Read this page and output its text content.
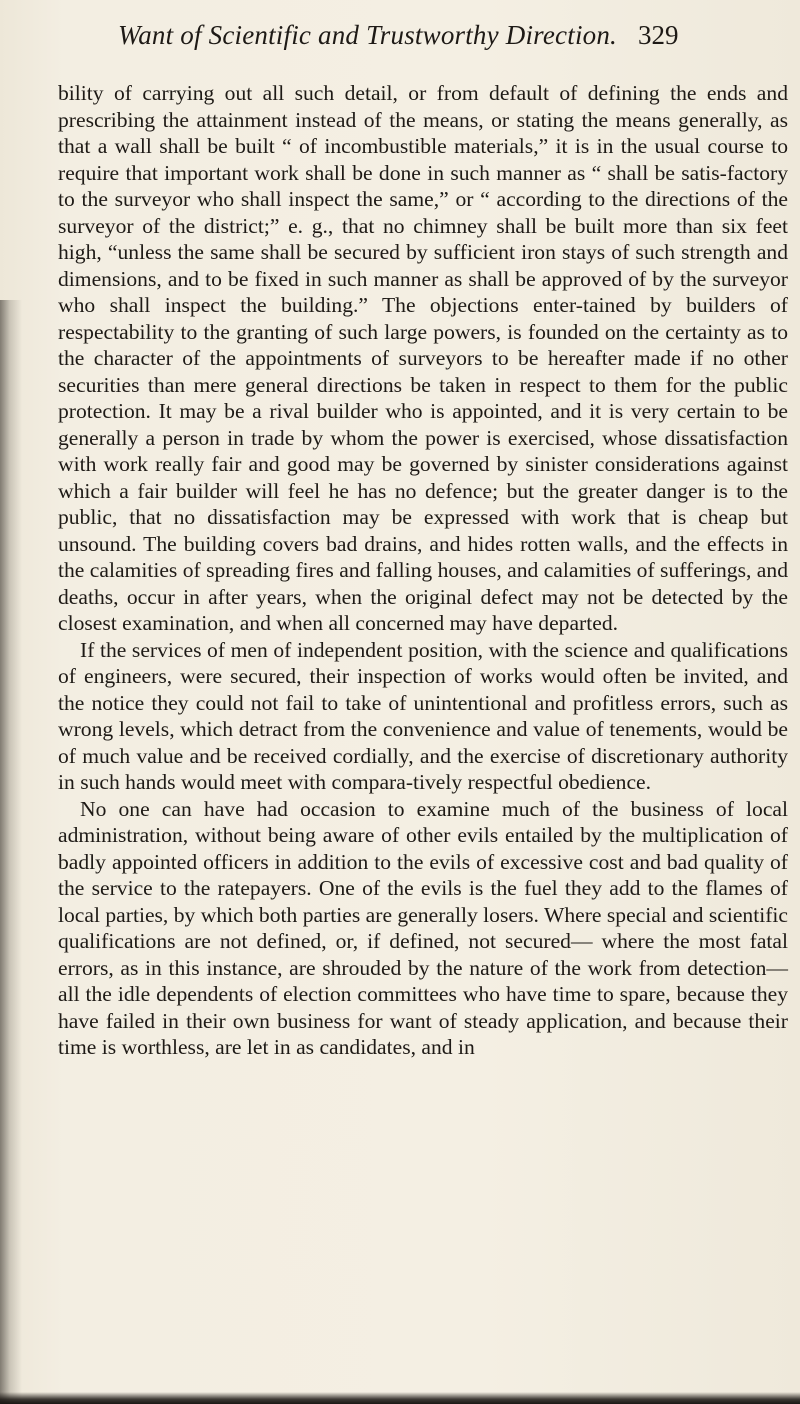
Want of Scientific and Trustworthy Direction. 329

bility of carrying out all such detail, or from default of defining the ends and prescribing the attainment instead of the means, or stating the means generally, as that a wall shall be built “ of incombustible materials,” it is in the usual course to require that important work shall be done in such manner as “ shall be satis-factory to the surveyor who shall inspect the same,” or “ according to the directions of the surveyor of the district;” e. g., that no chimney shall be built more than six feet high, “unless the same shall be secured by sufficient iron stays of such strength and dimensions, and to be fixed in such manner as shall be approved of by the surveyor who shall inspect the building.” The objections enter-tained by builders of respectability to the granting of such large powers, is founded on the certainty as to the character of the appointments of surveyors to be hereafter made if no other securities than mere general directions be taken in respect to them for the public protection. It may be a rival builder who is appointed, and it is very certain to be generally a person in trade by whom the power is exercised, whose dissatisfaction with work really fair and good may be governed by sinister considerations against which a fair builder will feel he has no defence; but the greater danger is to the public, that no dissatisfaction may be expressed with work that is cheap but unsound. The building covers bad drains, and hides rotten walls, and the effects in the calamities of spreading fires and falling houses, and calamities of sufferings, and deaths, occur in after years, when the original defect may not be detected by the closest examination, and when all concerned may have departed.

If the services of men of independent position, with the science and qualifications of engineers, were secured, their inspection of works would often be invited, and the notice they could not fail to take of unintentional and profitless errors, such as wrong levels, which detract from the convenience and value of tenements, would be of much value and be received cordially, and the exercise of discretionary authority in such hands would meet with compara-tively respectful obedience.

No one can have had occasion to examine much of the business of local administration, without being aware of other evils entailed by the multiplication of badly appointed officers in addition to the evils of excessive cost and bad quality of the service to the ratepayers. One of the evils is the fuel they add to the flames of local parties, by which both parties are generally losers. Where special and scientific qualifications are not defined, or, if defined, not secured— where the most fatal errors, as in this instance, are shrouded by the nature of the work from detection—all the idle dependents of election committees who have time to spare, because they have failed in their own business for want of steady application, and because their time is worthless, are let in as candidates, and in
